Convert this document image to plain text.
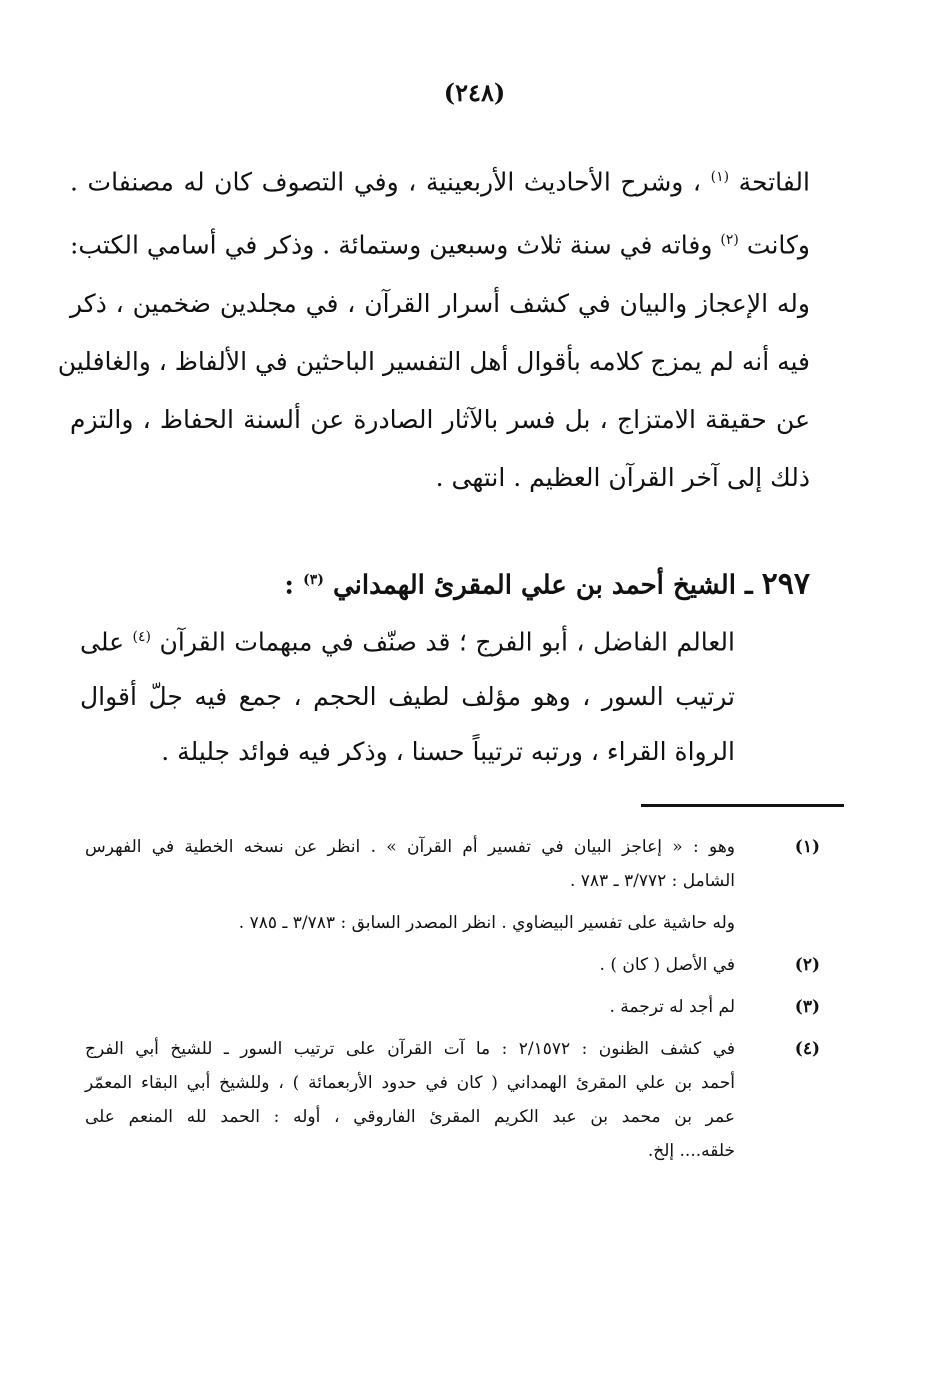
(٢٤٨)
الفاتحة $^{(١)}$ ، وشرح الأحاديث الأربعينية ، وفي التصوف كان له مصنفات .
وكانت $^{(٢)}$ وفاته في سنة ثلاث وسبعين وستمائة . وذكر في أسامي الكتب:
وله الإعجاز والبيان في كشف أسرار القرآن ، في مجلدين ضخمين ، ذكر
فيه أنه لم يمزج كلامه بأقوال أهل التفسير الباحثين في الألفاظ ، والغافلين
عن حقيقة الامتزاج ، بل فسر بالآثار الصادرة عن ألسنة الحفاظ ، والتزم
ذلك إلى آخر القرآن العظيم . انتهى .
٢٩٧ ـ الشيخ أحمد بن علي المقرئ الهمداني $^{(٣)}$ :
العالم الفاضل ، أبو الفرج ؛ قد صنّف في مبهمات القرآن $^{(٤)}$ على
ترتيب السور ، وهو مؤلف لطيف الحجم ، جمع فيه جلّ أقوال
الرواة القراء ، ورتبه ترتيباً حسنا ، وذكر فيه فوائد جليلة .
(١)
وهو : « إعاجز البيان في تفسير أم القرآن » . انظر عن نسخه الخطية في الفهرس
الشامل : ٣/٧٧٢ ـ ٧٨٣ .
وله حاشية على تفسير البيضاوي . انظر المصدر السابق : ٣/٧٨٣ ـ ٧٨٥ .
(٢)
في الأصل ( كان ) .
(٣)
لم أجد له ترجمة .
(٤)
في كشف الظنون : ٢/١٥٧٢ : ما آت القرآن على ترتيب السور ـ للشيخ أبي الفرج
أحمد بن علي المقرئ الهمداني ( كان في حدود الأربعمائة ) ، وللشيخ أبي البقاء المعمّر
عمر بن محمد بن عبد الكريم المقرئ الفاروقي ، أوله : الحمد لله المنعم على
خلقه.... إلخ.
